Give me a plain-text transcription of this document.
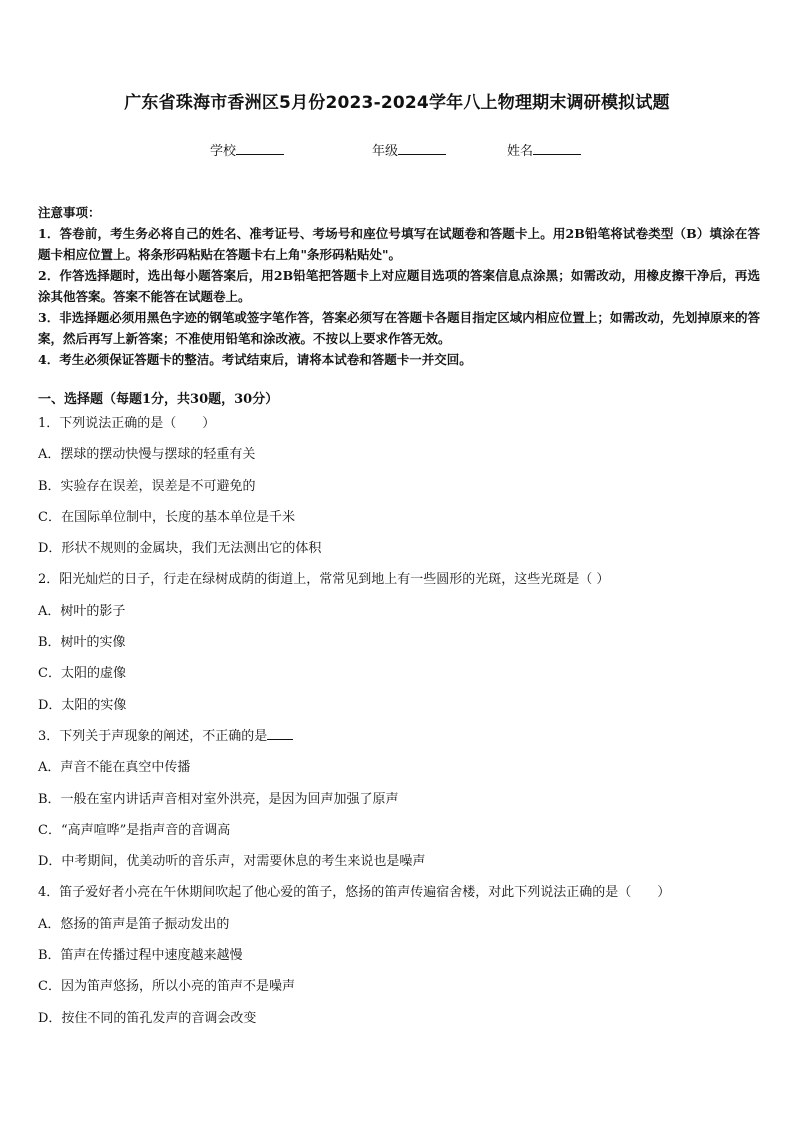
广东省珠海市香洲区5月份2023-2024学年八上物理期末调研模拟试题
学校	年级	姓名
注意事项：
1．答卷前，考生务必将自己的姓名、准考证号、考场号和座位号填写在试题卷和答题卡上。用2B铅笔将试卷类型（B）填涂在答题卡相应位置上。将条形码粘贴在答题卡右上角"条形码粘贴处"。
2．作答选择题时，选出每小题答案后，用2B铅笔把答题卡上对应题目选项的答案信息点涂黑；如需改动，用橡皮擦干净后，再选涂其他答案。答案不能答在试题卷上。
3．非选择题必须用黑色字迹的钢笔或签字笔作答，答案必须写在答题卡各题目指定区域内相应位置上；如需改动，先划掉原来的答案，然后再写上新答案；不准使用铅笔和涂改液。不按以上要求作答无效。
4．考生必须保证答题卡的整洁。考试结束后，请将本试卷和答题卡一并交回。
一、选择题（每题1分，共30题，30分）
1．下列说法正确的是（　　）
A．摆球的摆动快慢与摆球的轻重有关
B．实验存在误差，误差是不可避免的
C．在国际单位制中，长度的基本单位是千米
D．形状不规则的金属块，我们无法测出它的体积
2．阳光灿烂的日子，行走在绿树成荫的街道上，常常见到地上有一些圆形的光斑，这些光斑是（ ）
A．树叶的影子
B．树叶的实像
C．太阳的虚像
D．太阳的实像
3．下列关于声现象的阐述，不正确的是
A．声音不能在真空中传播
B．一般在室内讲话声音相对室外洪亮，是因为回声加强了原声
C．“高声喧哗”是指声音的音调高
D．中考期间，优美动听的音乐声，对需要休息的考生来说也是噪声
4．笛子爱好者小亮在午休期间吹起了他心爱的笛子，悠扬的笛声传遍宿舍楼，对此下列说法正确的是（　　）
A．悠扬的笛声是笛子振动发出的
B．笛声在传播过程中速度越来越慢
C．因为笛声悠扬，所以小亮的笛声不是噪声
D．按住不同的笛孔发声的音调会改变
